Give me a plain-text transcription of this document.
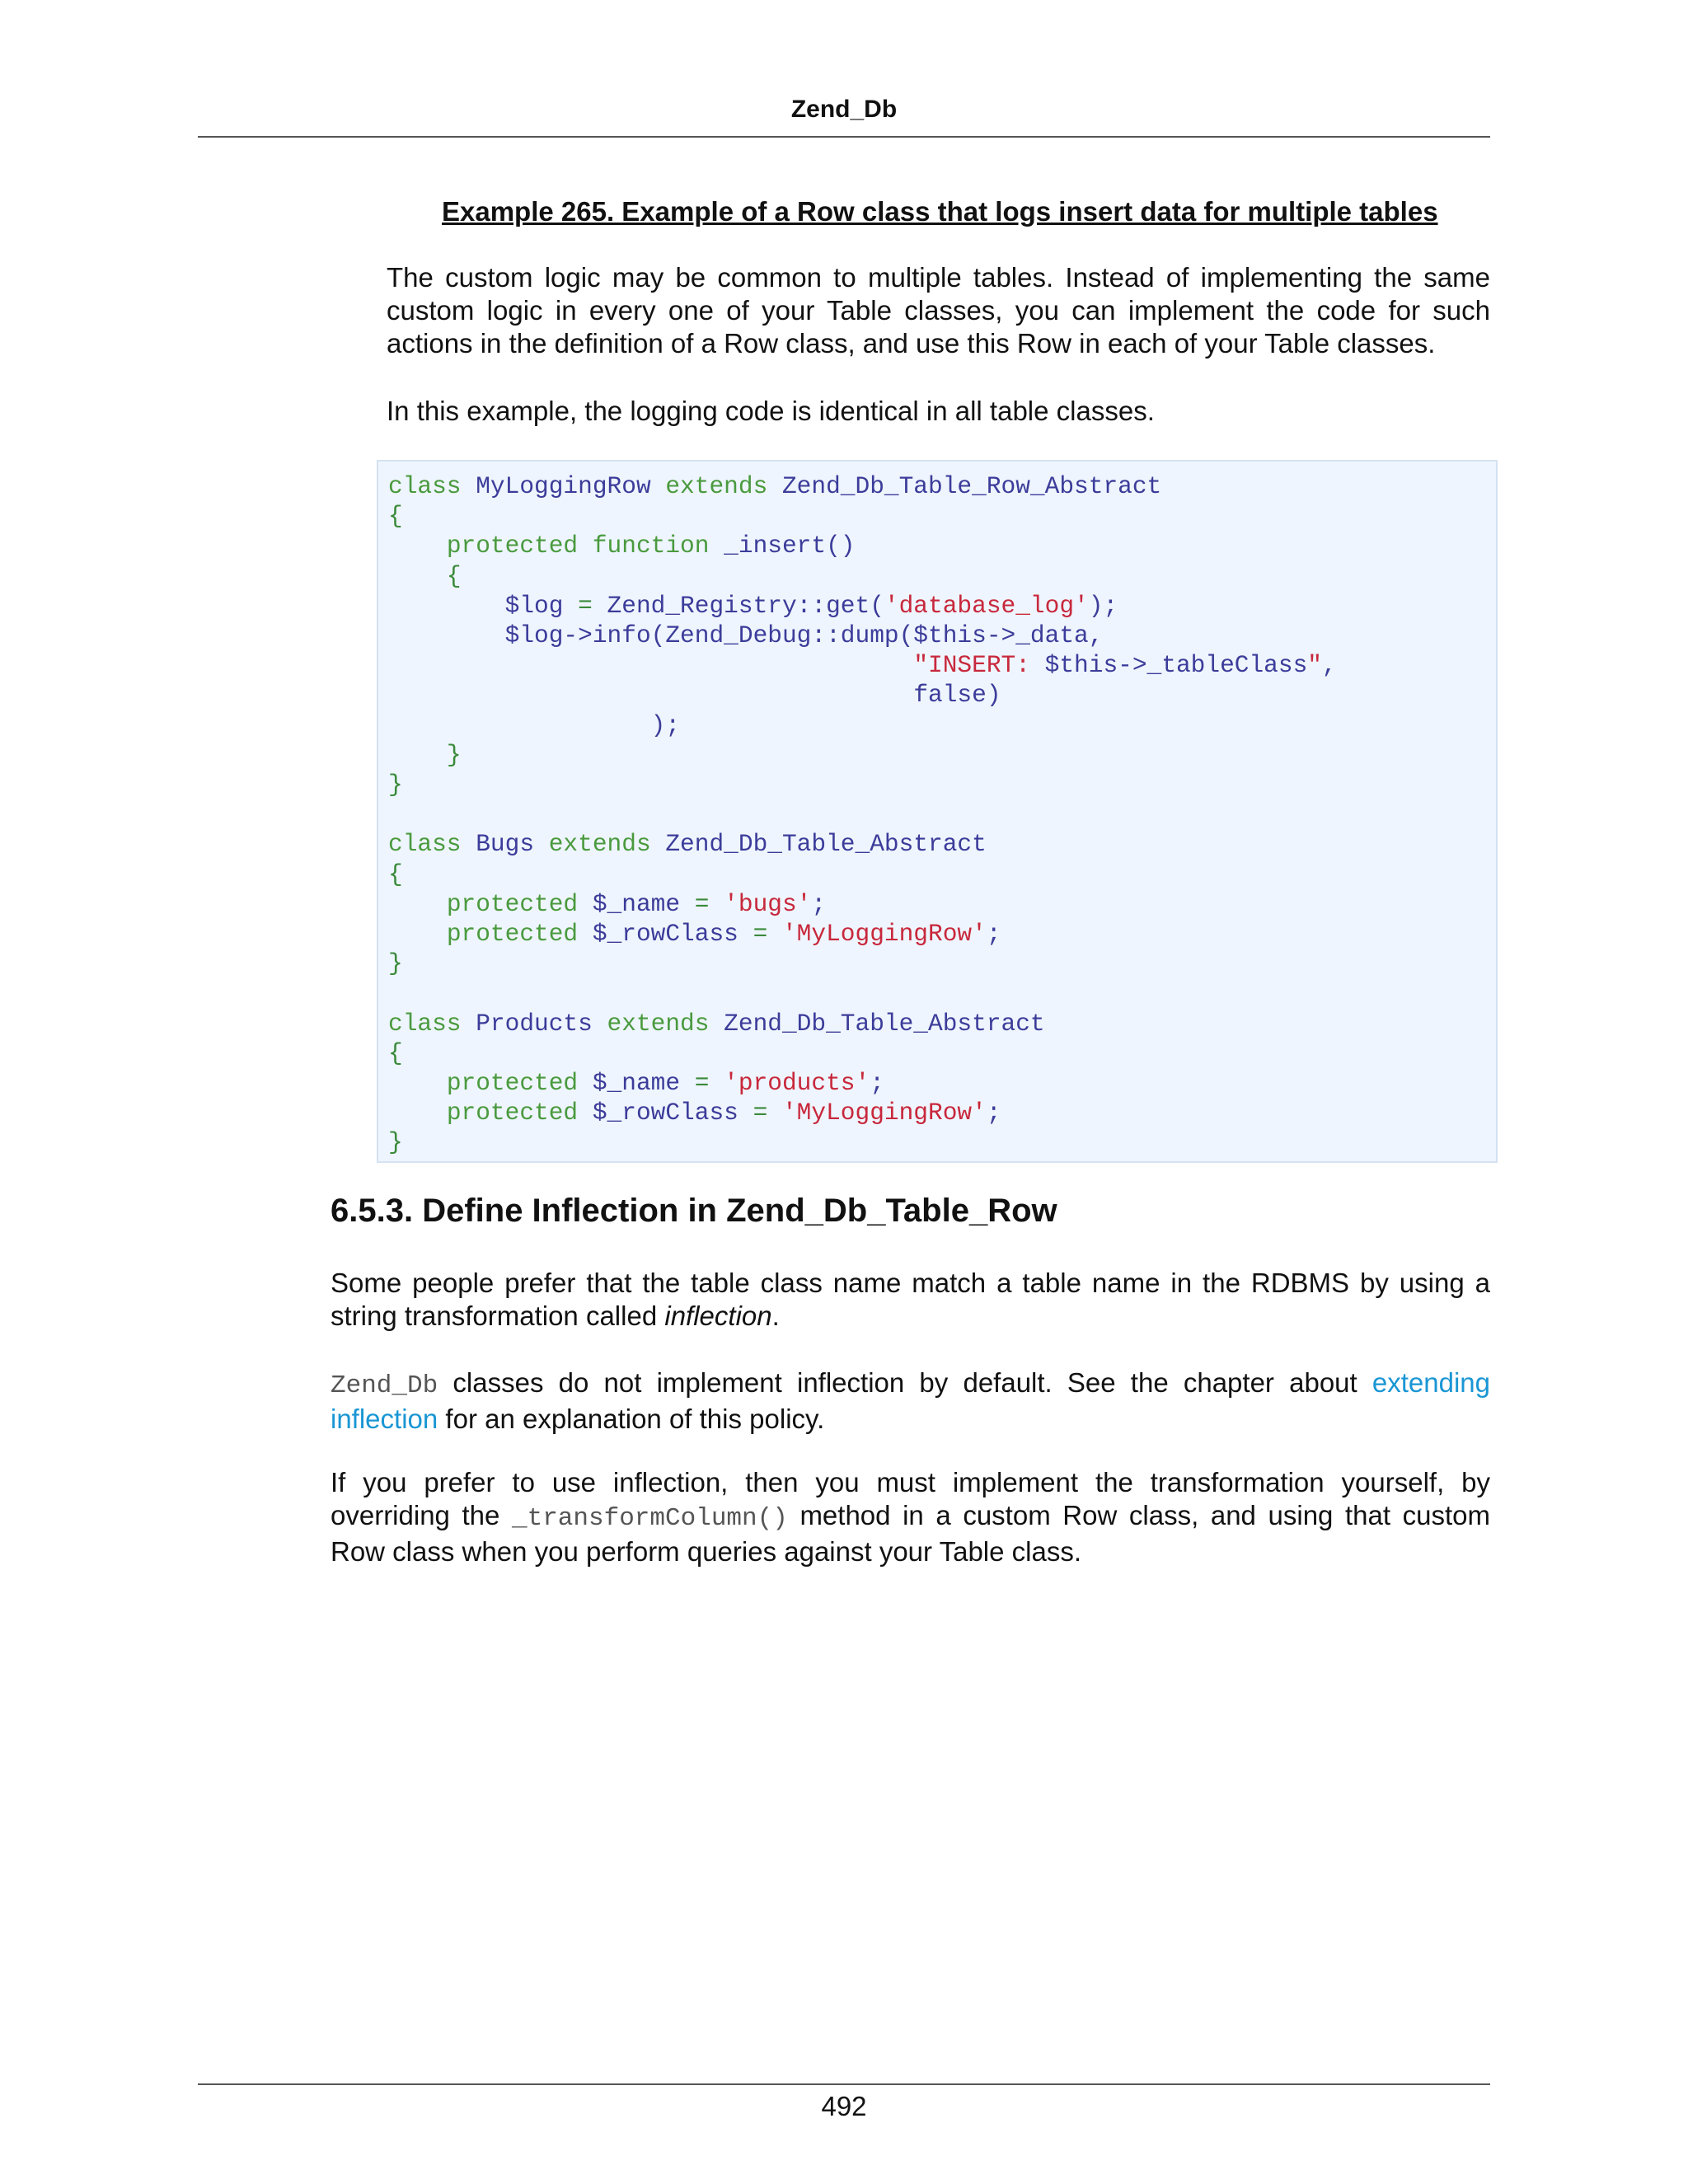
Zend_Db
Example 265. Example of a Row class that logs insert data for multiple tables

The custom logic may be common to multiple tables. Instead of implementing the same custom logic in every one of your Table classes, you can implement the code for such actions in the definition of a Row class, and use this Row in each of your Table classes.

In this example, the logging code is identical in all table classes.

class MyLoggingRow extends Zend_Db_Table_Row_Abstract
{
protected function _insert()
{
$log = Zend_Registry::get('database_log');
$log->info(Zend_Debug::dump($this->_data,
"INSERT: $this->_tableClass",
false)
);
}
}

class Bugs extends Zend_Db_Table_Abstract
{
protected $_name = 'bugs';
protected $_rowClass = 'MyLoggingRow';
}

class Products extends Zend_Db_Table_Abstract
{
protected $_name = 'products';
protected $_rowClass = 'MyLoggingRow';
}
6.5.3. Define Inflection in Zend_Db_Table_Row

Some people prefer that the table class name match a table name in the RDBMS by using a string transformation called inflection.

Zend_Db classes do not implement inflection by default. See the chapter about extending inflection for an explanation of this policy.

If you prefer to use inflection, then you must implement the transformation yourself, by overriding the _transformColumn() method in a custom Row class, and using that custom Row class when you perform queries against your Table class.

492
